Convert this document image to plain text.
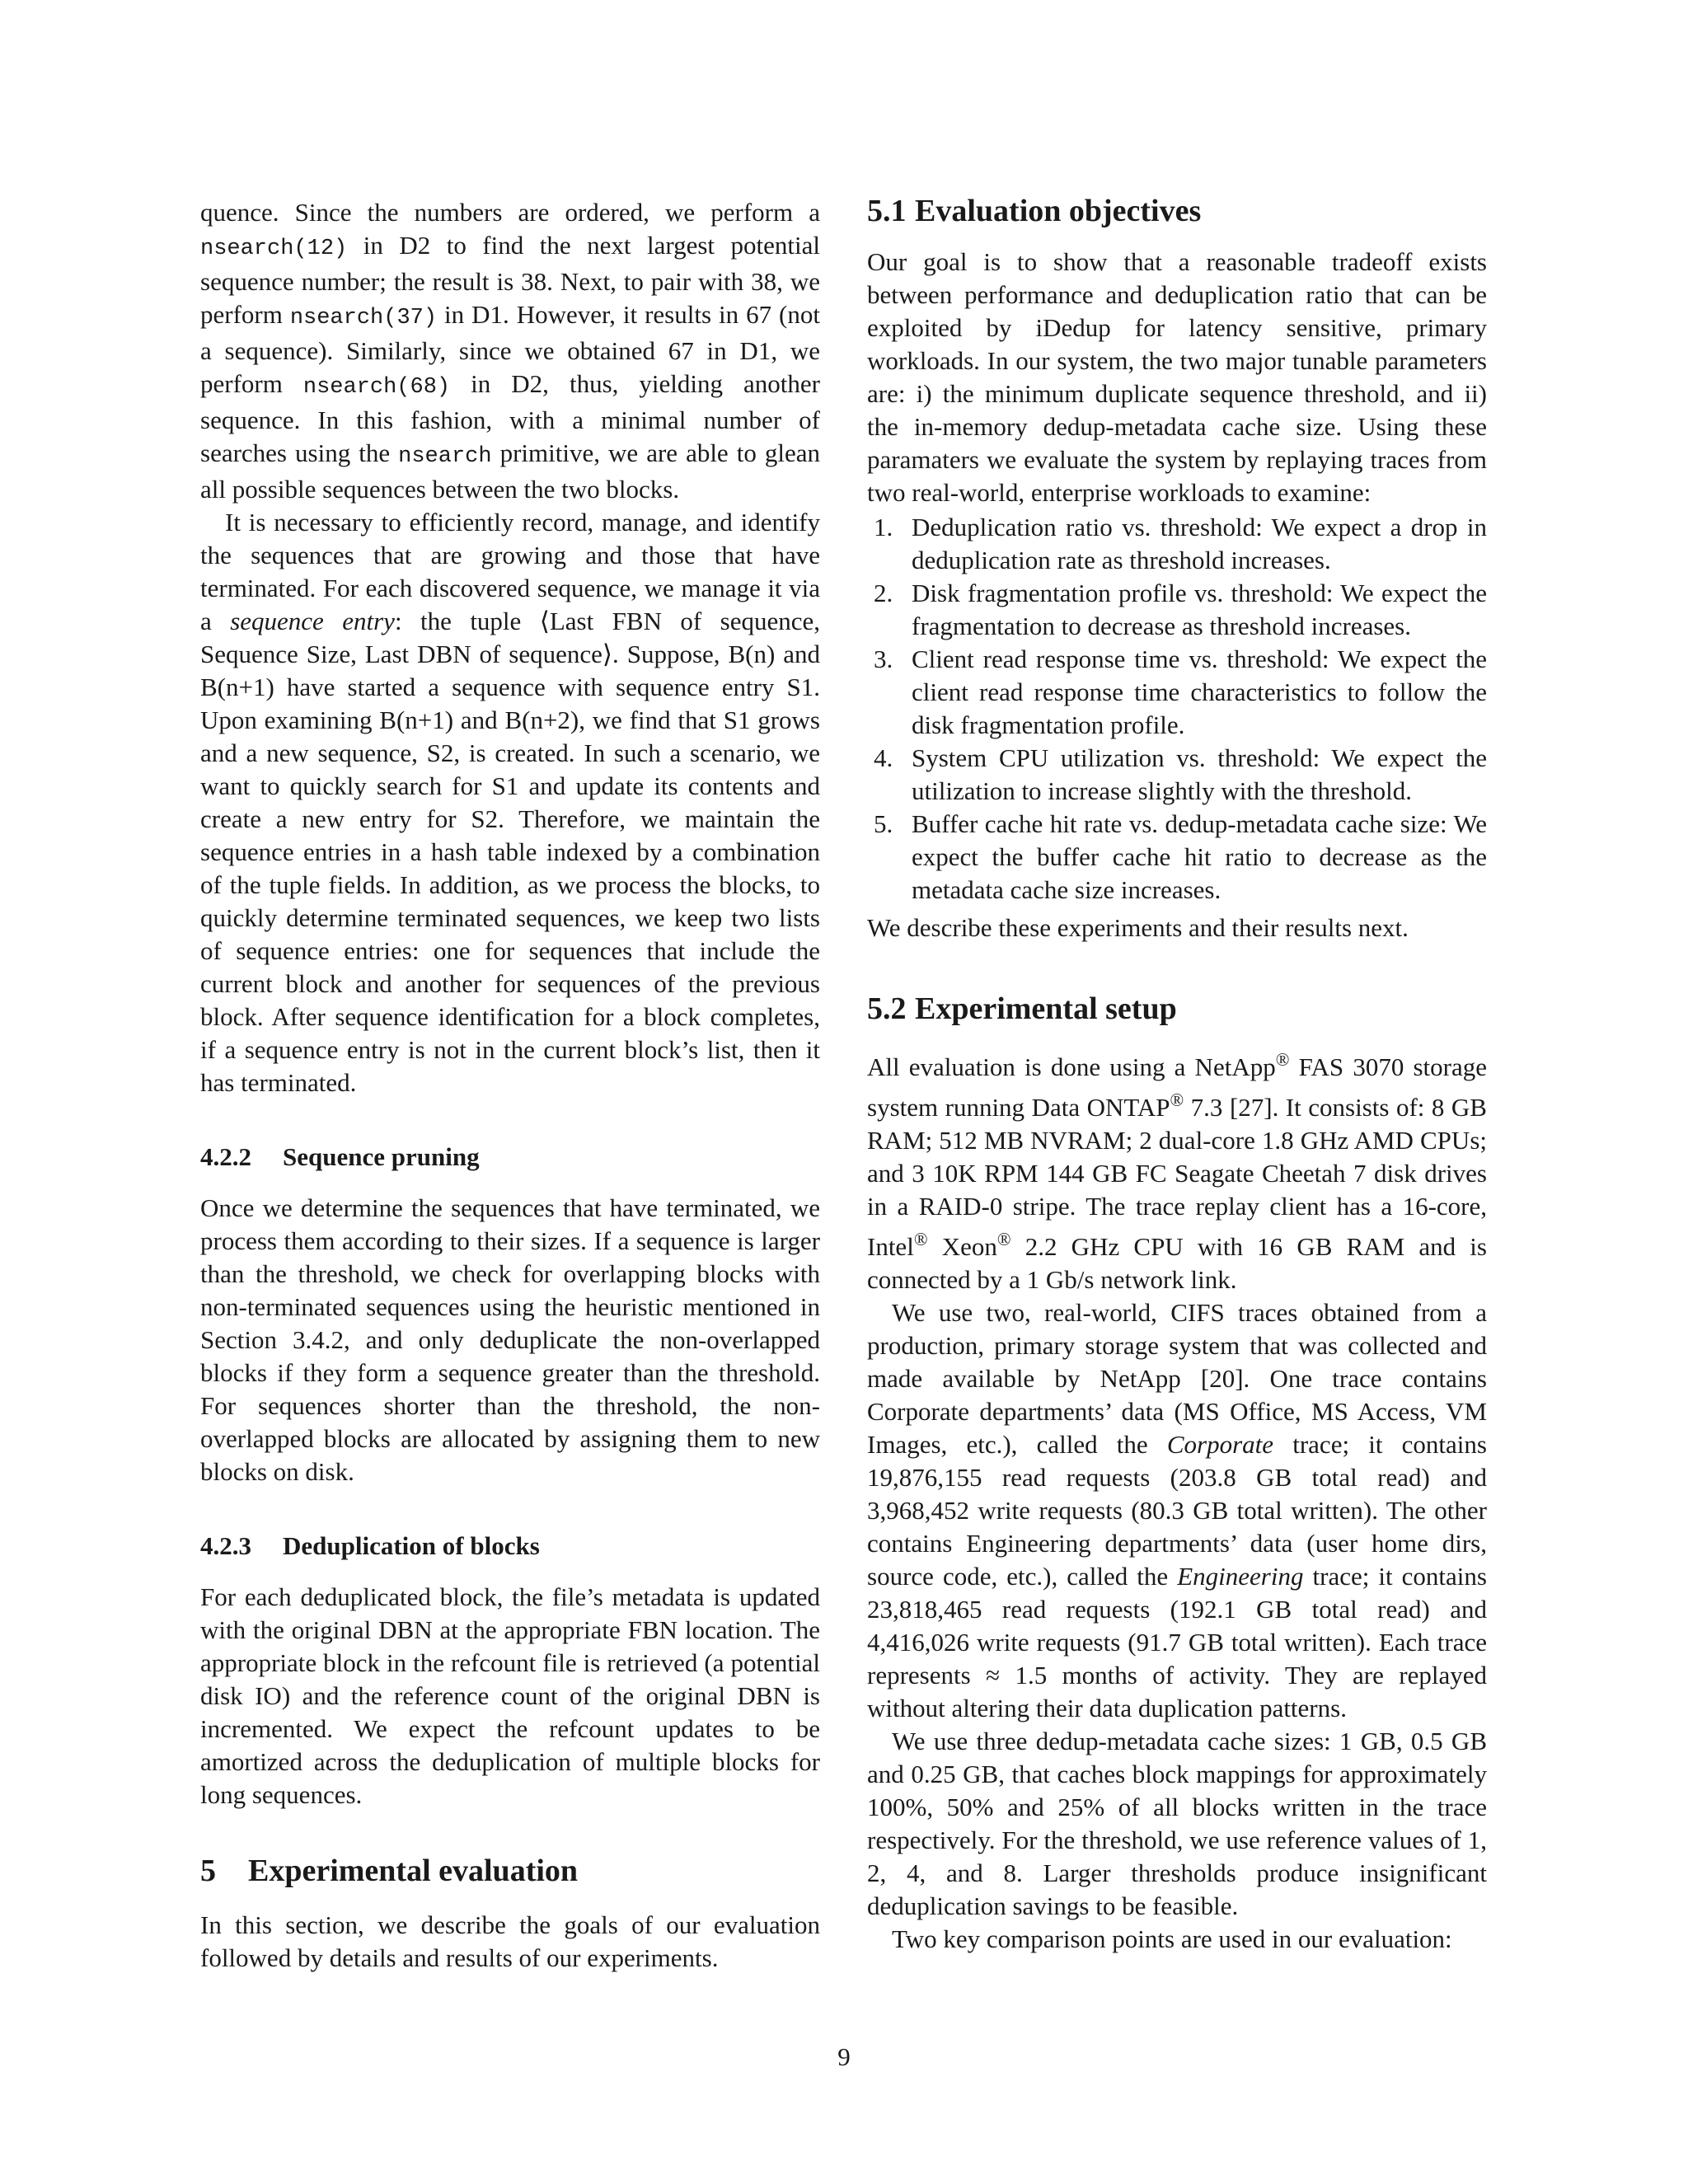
quence. Since the numbers are ordered, we perform a nsearch(12) in D2 to find the next largest potential sequence number; the result is 38. Next, to pair with 38, we perform nsearch(37) in D1. However, it results in 67 (not a sequence). Similarly, since we obtained 67 in D1, we perform nsearch(68) in D2, thus, yielding another sequence. In this fashion, with a minimal number of searches using the nsearch primitive, we are able to glean all possible sequences between the two blocks.

It is necessary to efficiently record, manage, and identify the sequences that are growing and those that have terminated. For each discovered sequence, we manage it via a sequence entry: the tuple ⟨Last FBN of sequence, Sequence Size, Last DBN of sequence⟩. Suppose, B(n) and B(n+1) have started a sequence with sequence entry S1. Upon examining B(n+1) and B(n+2), we find that S1 grows and a new sequence, S2, is created. In such a scenario, we want to quickly search for S1 and update its contents and create a new entry for S2. Therefore, we maintain the sequence entries in a hash table indexed by a combination of the tuple fields. In addition, as we process the blocks, to quickly determine terminated sequences, we keep two lists of sequence entries: one for sequences that include the current block and another for sequences of the previous block. After sequence identification for a block completes, if a sequence entry is not in the current block’s list, then it has terminated.

4.2.2 Sequence pruning

Once we determine the sequences that have terminated, we process them according to their sizes. If a sequence is larger than the threshold, we check for overlapping blocks with non-terminated sequences using the heuristic mentioned in Section 3.4.2, and only deduplicate the non-overlapped blocks if they form a sequence greater than the threshold. For sequences shorter than the threshold, the non-overlapped blocks are allocated by assigning them to new blocks on disk.

4.2.3 Deduplication of blocks

For each deduplicated block, the file’s metadata is updated with the original DBN at the appropriate FBN location. The appropriate block in the refcount file is retrieved (a potential disk IO) and the reference count of the original DBN is incremented. We expect the refcount updates to be amortized across the deduplication of multiple blocks for long sequences.

5 Experimental evaluation

In this section, we describe the goals of our evaluation followed by details and results of our experiments.

5.1 Evaluation objectives

Our goal is to show that a reasonable tradeoff exists between performance and deduplication ratio that can be exploited by iDedup for latency sensitive, primary workloads. In our system, the two major tunable parameters are: i) the minimum duplicate sequence threshold, and ii) the in-memory dedup-metadata cache size. Using these paramaters we evaluate the system by replaying traces from two real-world, enterprise workloads to examine:

1. Deduplication ratio vs. threshold: We expect a drop in deduplication rate as threshold increases.
2. Disk fragmentation profile vs. threshold: We expect the fragmentation to decrease as threshold increases.
3. Client read response time vs. threshold: We expect the client read response time characteristics to follow the disk fragmentation profile.
4. System CPU utilization vs. threshold: We expect the utilization to increase slightly with the threshold.
5. Buffer cache hit rate vs. dedup-metadata cache size: We expect the buffer cache hit ratio to decrease as the metadata cache size increases.

We describe these experiments and their results next.

5.2 Experimental setup

All evaluation is done using a NetApp® FAS 3070 storage system running Data ONTAP® 7.3 [27]. It consists of: 8 GB RAM; 512 MB NVRAM; 2 dual-core 1.8 GHz AMD CPUs; and 3 10K RPM 144 GB FC Seagate Cheetah 7 disk drives in a RAID-0 stripe. The trace replay client has a 16-core, Intel® Xeon® 2.2 GHz CPU with 16 GB RAM and is connected by a 1 Gb/s network link.

We use two, real-world, CIFS traces obtained from a production, primary storage system that was collected and made available by NetApp [20]. One trace contains Corporate departments’ data (MS Office, MS Access, VM Images, etc.), called the Corporate trace; it contains 19,876,155 read requests (203.8 GB total read) and 3,968,452 write requests (80.3 GB total written). The other contains Engineering departments’ data (user home dirs, source code, etc.), called the Engineering trace; it contains 23,818,465 read requests (192.1 GB total read) and 4,416,026 write requests (91.7 GB total written). Each trace represents ≈ 1.5 months of activity. They are replayed without altering their data duplication patterns.

We use three dedup-metadata cache sizes: 1 GB, 0.5 GB and 0.25 GB, that caches block mappings for approximately 100%, 50% and 25% of all blocks written in the trace respectively. For the threshold, we use reference values of 1, 2, 4, and 8. Larger thresholds produce insignificant deduplication savings to be feasible.

Two key comparison points are used in our evaluation:

9
